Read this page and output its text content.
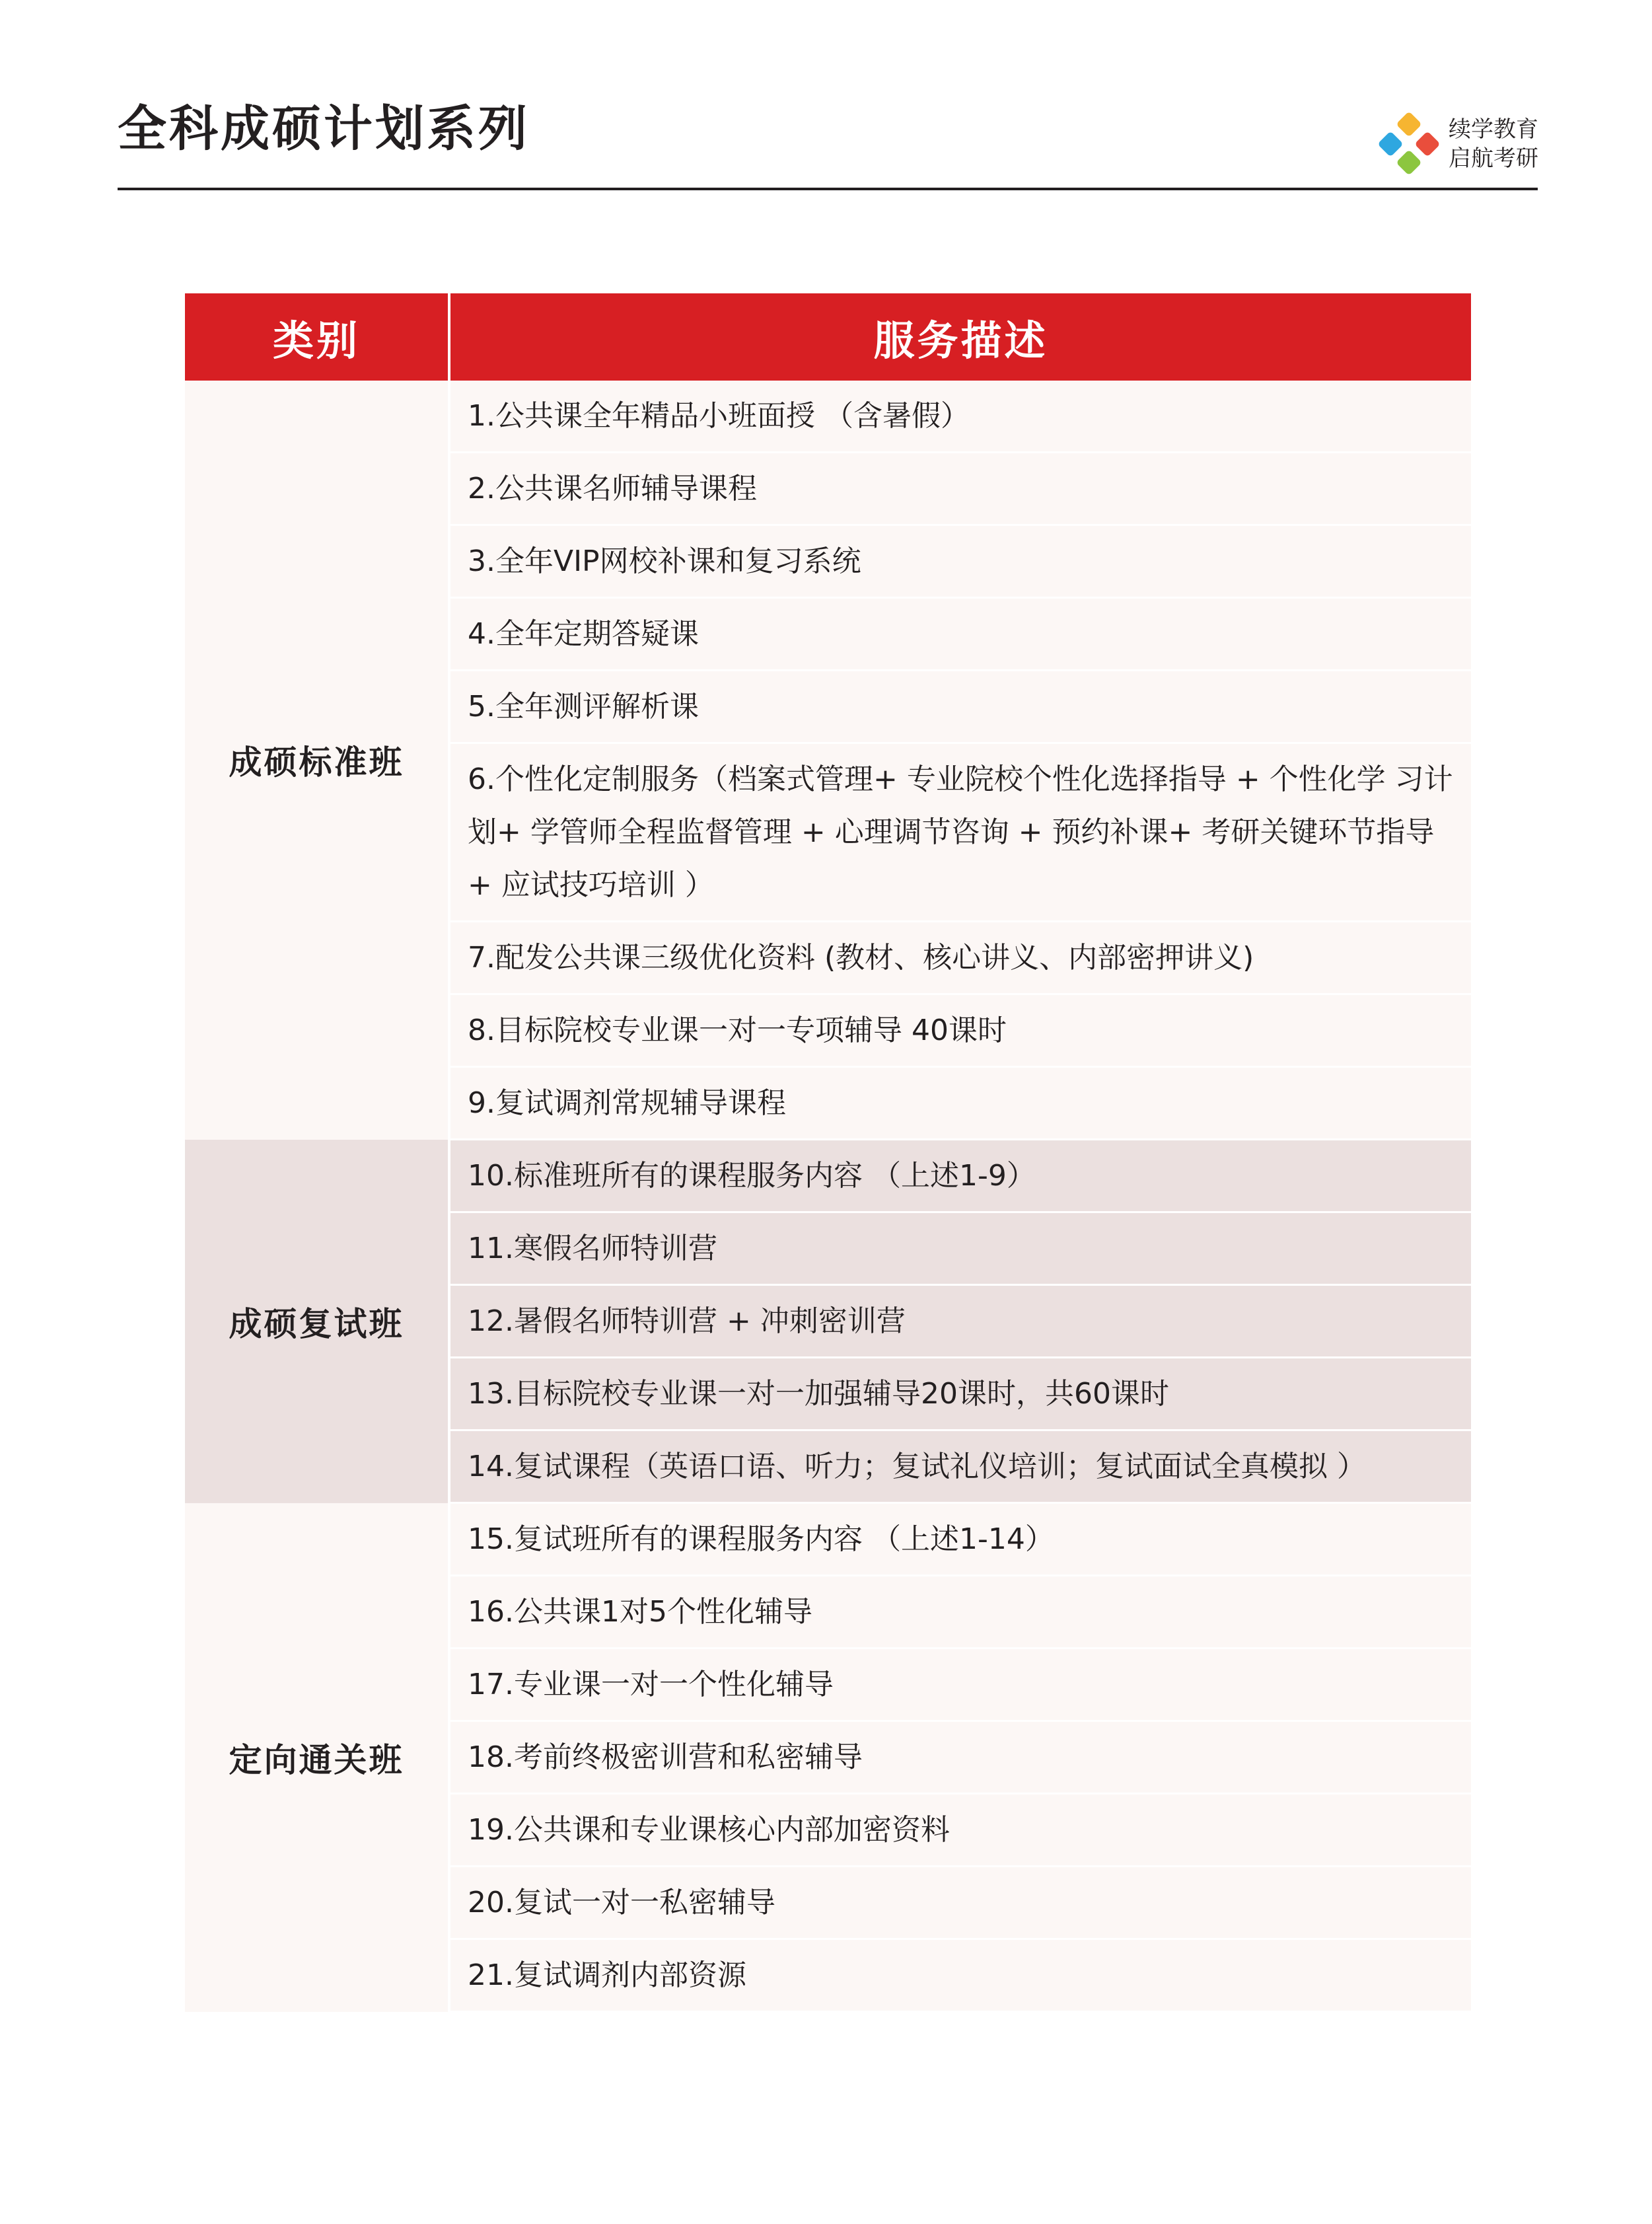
全科成硕计划系列	续学教育
启航考研
类别	服务描述
成硕标准班	1.公共课全年精品小班面授 （含暑假）
	2.公共课名师辅导课程
	3.全年VIP网校补课和复习系统
	4.全年定期答疑课
	5.全年测评解析课
	6.个性化定制服务（档案式管理+ 专业院校个性化选择指导 + 个性化学 习计划+ 学管师全程监督管理 + 心理调节咨询 + 预约补课+ 考研关键环节指导 + 应试技巧培训 ）
	7.配发公共课三级优化资料 (教材、核心讲义、内部密押讲义)
	8.目标院校专业课一对一专项辅导 40课时
	9.复试调剂常规辅导课程
成硕复试班	10.标准班所有的课程服务内容 （上述1-9）
	11.寒假名师特训营
	12.暑假名师特训营 + 冲刺密训营
	13.目标院校专业课一对一加强辅导20课时，共60课时
	14.复试课程（英语口语、听力；复试礼仪培训；复试面试全真模拟 ）
定向通关班	15.复试班所有的课程服务内容 （上述1-14）
	16.公共课1对5个性化辅导
	17.专业课一对一个性化辅导
	18.考前终极密训营和私密辅导
	19.公共课和专业课核心内部加密资料
	20.复试一对一私密辅导
	21.复试调剂内部资源
